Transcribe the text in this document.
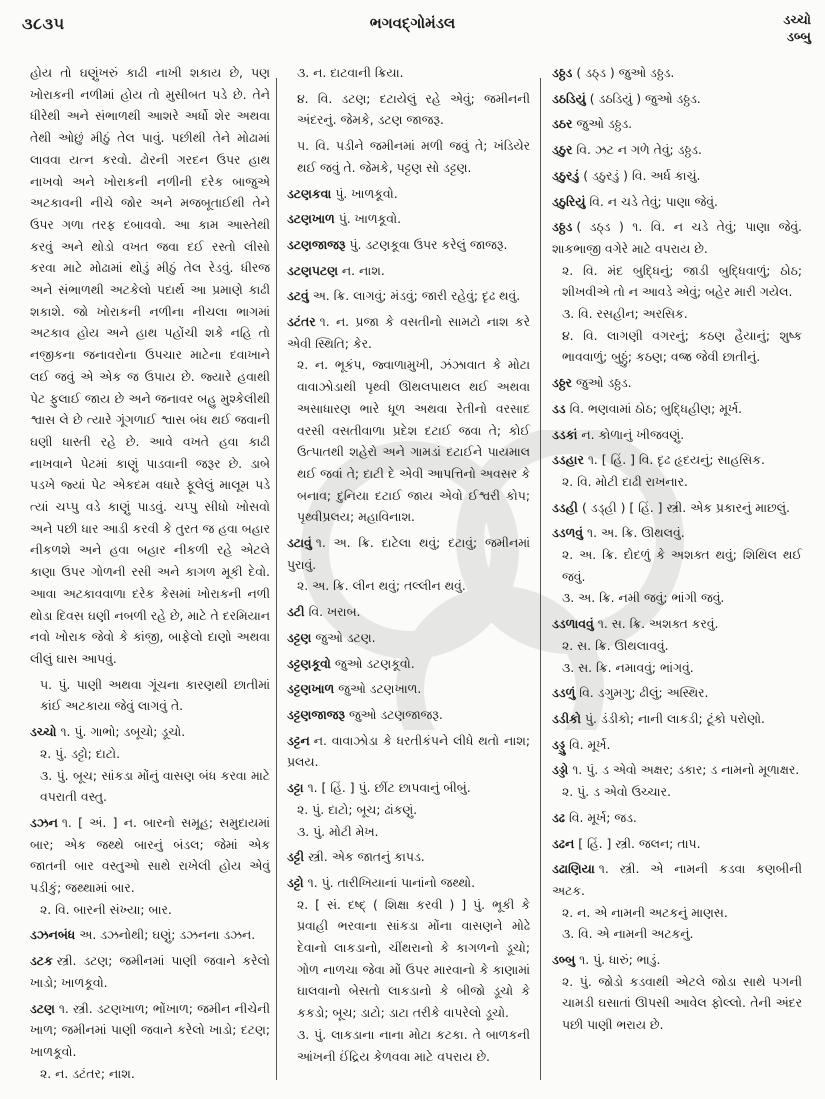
૩૮૩૫	ભગવદ્ગોમંડલ	ડચ્ચો
ડબ્બુ

હોય તો ઘણુંખરું કાઢી નાખી શકાય છે, પણ ખોરાકની નળીમાં હોય તો મુસીબત પડે છે. તેને ધીરેથી અને સંભાળથી આશરે અર્ધો શેર અથવા તેથી ઓછું મીઠું તેલ પાવું. પછીથી તેને મોઢામાં લાવવા યત્ન કરવો. ઢોરની ગરદન ઉપર હાથ નાખવો અને ખોરાકની નળીની દરેક બાજુએ અટકાવની નીચે જોર અને મજબૂતાઈથી તેને ઉપર ગળા તરફ દબાવવો. આ કામ આસ્તેથી કરવું અને થોડો વખત જવા દઈ રસ્તો લીસો કરવા માટે મોઢામાં થોડું મીઠું તેલ રેડવું. ધીરજ અને સંભાળથી અટકેલો પદાર્થ આ પ્રમાણે કાઢી શકાશે. જો ખોરાકની નળીના નીચલા ભાગમાં અટકાવ હોય અને હાથ પહોંચી શકે નહિ તો નજીકના જનાવરોના ઉપચાર માટેના દવાખાને લઈ જવું એ એક જ ઉપાય છે. જ્યારે હવાથી પેટ ફુલાઈ જાય છે અને જનાવર બહુ મુશ્કેલીથી શ્વાસ લે છે ત્યારે ગૂંગળાઈ શ્વાસ બંધ થઈ જવાની ઘણી ધાસ્તી રહે છે. આવે વખતે હવા કાઢી નાખવાને પેટમાં કાણું પાડવાની જરૂર છે. ડાબે પડખે જ્યાં પેટ એકદમ વધારે ફૂલેલું માલૂમ પડે ત્યાં ચપ્પુ વડે કાણું પાડવું. ચપ્પુ સીધો ખોસવો અને પછી ધાર આડી કરવી કે તુરત જ હવા બહાર નીકળશે અને હવા બહાર નીકળી રહે એટલે કાણા ઉપર ગોળની રસી અને કાગળ મૂકી દેવો. આવા અટકાવવાળા દરેક કેસમાં ખોરાકની નળી થોડા દિવસ ઘણી નબળી રહે છે, માટે તે દરમિયાન નવો ખોરાક જેવો કે કાંજી, બાફેલો દાણો અથવા લીલું ઘાસ આપવું.

૫. પું. પાણી અથવા ગૂંચના કારણથી છાતીમાં કાંઈ અટકાયા જેવું લાગવું તે.

ડચ્ચો ૧. પું. ગાભો; ડબૂચો; ડૂચો.
૨. પું. ડટ્ટો; દાટો.
૩. પું. બૂચ; સાંકડા મોંનું વાસણ બંધ કરવા માટે વપરાતી વસ્તુ.
ડઝન ૧. [ અં. ] ન. બારનો સમૂહ; સમુદાયમાં બાર; એક જથ્થે બારનું બંડલ; જેમાં એક જાતની બાર વસ્તુઓ સાથે રાખેલી હોય એવું પડીકું; જથ્થામાં બાર.
૨. વિ. બારની સંખ્યા; બાર.
ડઝનબંધ અ. ડઝનોથી; ઘણું; ડઝનના ડઝન.
ડટક સ્ત્રી. ડટણ; જમીનમાં પાણી જવાને કરેલો ખાડો; ખાળકૂવો.
ડટણ ૧. સ્ત્રી. ડટણખાળ; ભોંખાળ; જમીન નીચેની ખાળ; જમીનમાં પાણી જવાને કરેલો ખાડો; દટણ; ખાળકૂવો.
૨. ન. ડટંતર; નાશ.

૩. ન. દાટવાની ક્રિયા.

૪. વિ. ડટણ; દટાયેલું રહે એવું; જમીનની અંદરનું. જેમકે, ડટણ જાજરૂ.

૫. વિ. પડીને જમીનમાં મળી જવું તે; ખંડિયેર થઈ જવું તે. જેમકે, પટ્ટણ સો ડટ્ટણ.

ડટણકવા પું. ખાળકૂવો.
ડટણખાળ પું. ખાળકૂવો.
ડટણજાજરૂ પું. ડટણકૂવા ઉપર કરેલું જાજરૂ.
ડટણપટણ ન. નાશ.
ડટવું અ. ક્રિ. લાગવું; મંડવું; જારી રહેવું; દૃઢ થવું.
ડટંતર ૧. ન. પ્રજા કે વસતીનો સામટો નાશ કરે એવી સ્થિતિ; કેર.
૨. ન. ભૂકંપ, જ્વાળામુખી, ઝંઝાવાત કે મોટા વાવાઝોડાથી પૃથ્વી ઊથલપાથલ થઈ અથવા અસાધારણ ભારે ધૂળ અથવા રેતીનો વરસાદ વરસી વસતીવાળા પ્રદેશ દટાઈ જવા તે; કોઈ ઉત્પાતથી શહેરો અને ગામડાં દટાઈને પાયમાલ થઈ જવાં તે; દાટી દે એવી આપત્તિનો અવસર કે બનાવ; દુનિયા દટાઈ જાય એવો ઈશ્વરી કોપ; પૃથ્વીપ્રલય; મહાવિનાશ.
ડટાવું ૧. અ. ક્રિ. દાટેલા થવું; દટાવું; જમીનમાં પુરાવું.
૨. અ. ક્રિ. લીન થવું; તલ્લીન થવું.
ડટી વિ. ખરાબ.
ડટ્ટણ જુઓ ડટણ.
ડટ્ટણકૂવો જુઓ ડટણકૂવો.
ડટ્ટણખાળ જુઓ ડટણખાળ.
ડટ્ટણજાજરૂ જુઓ ડટણજાજરૂ.
ડટ્ટન ન. વાવાઝોડા કે ધરતીકંપને લીધે થતો નાશ; પ્રલય.
ડટ્ટા ૧. [ હિં. ] પું. છીંટ છાપવાનું બીબું.
૨. પું. દાટો; બૂચ; ઢાંકણું.
૩. પું. મોટી મેખ.
ડટ્ટી સ્ત્રી. એક જાતનું કાપડ.
ડટ્ટો ૧. પું. તારીખિયાનાં પાનાંનો જથ્થો.
૨. [ સં. દષ્દ્ ( શિક્ષા કરવી ) ] પું. ભૂકી કે પ્રવાહી ભરવાના સાંકડા મોંના વાસણને મોઢે દેવાનો લાકડાનો, ચીંથરાનો કે કાગળનો ડૂચો; ગોળ નાળચા જેવા મોં ઉપર મારવાનો કે કાણામાં ઘાલવાનો બેસતો લાકડાનો કે બીજો ડૂચો કે કકડો; બૂચ; ડાટો; ડાટા તરીકે વાપરેલો ડૂચો.
૩. પું. લાકડાના નાના મોટા કટકા. તે બાળકની આંખની ઈંદ્રિય કેળવવા માટે વપરાય છે.
ડઠ્ઠડ ( ડઠ્ડ ) જુઓ ડઠ્ઠડ.
ડઠડિયું ( ડઠડિયું ) જુઓ ડઠ્ઠડ.
ડઠર જુઓ ડઠ્ઠડ.
ડઠુર વિ. ઝટ ન ગળે તેવું; ડઠ્ઠડ.
ડઠુરડું ( ડઠુરડું ) વિ. અર્ધ કાચું.
ડઠુરિયું વિ. ન ચડે તેવું; પાણા જેવું.
ડઠ્ઠડ ( ડઠ્ડ ) ૧. વિ. ન ચડે તેવું; પાણા જેવું. શાકભાજી વગેરે માટે વપરાય છે.
૨. વિ. મંદ બુદ્ધિનું; જાડી બુદ્ધિવાળું; ઠોઠ; શીખવીએ તો ન આવડે એવું; બહેર મારી ગયેલ.
૩. વિ. રસહીન; અરસિક.
૪. વિ. લાગણી વગરનું; કઠણ હૈયાનું; શુષ્ક ભાવવાળું; બુઠ્ઠું; કઠણ; વજ્ર જેવી છાતીનું.
ડઠ્ઠર જુઓ ડઠ્ઠડ.
ડડ વિ. ભણવામાં ઠોઠ; બુદ્ધિહીણ; મૂર્ખ.
ડડકાં ન. કોળાનું ખીજવણું.
ડડહાર ૧. [ હિં. ] વિ. દૃઢ હૃદયનું; સાહસિક.
૨. વિ. મોટી દાઢી રાખનાર.
ડડહી ( ડડ્હી ) [ હિં. ] સ્ત્રી. એક પ્રકારનું માછલું.
ડડળવું ૧. અ. ક્રિ. ઊથલવું.
૨. અ. ક્રિ. દોદળું કે અશક્ત થવું; શિથિલ થઈ જવું.
૩. અ. ક્રિ. નમી જવું; ભાંગી જવું.
ડડળાવવું ૧. સ. ક્રિ. અશક્ત કરવું.
૨. સ. ક્રિ. ઊથલાવવું.
૩. સ. ક્રિ. નમાવવું; ભાંગવું.
ડડળું વિ. ડગુમગુ; ઢીલું; અસ્થિર.
ડડીકો પું. ડંડીકો; નાની લાકડી; ટૂંકો પરોણો.
ડડ્ડુ વિ. મૂર્ખ.
ડડ્ડો ૧. પું. ડ એવો અક્ષર; ડકાર; ડ નામનો મૂળાક્ષર.
૨. પું. ડ એવો ઉચ્ચાર.
ડઢ વિ. મૂર્ખ; જડ.
ડઢન [ હિં. ] સ્ત્રી. જલન; તાપ.
ડઢાણિયા ૧. સ્ત્રી. એ નામની કડવા કણબીની અટક.
૨. ન. એ નામની અટકનું માણસ.
૩. વિ. એ નામની અટકનું.
ડબ્બુ ૧. પું. ધારું; ભાડું.
૨. પું. જોડો કડવાથી એટલે જોડા સાથે પગની ચામડી ઘસાતાં ઊપસી આવેલ ફોલ્લો. તેની અંદર પછી પાણી ભરાય છે.
